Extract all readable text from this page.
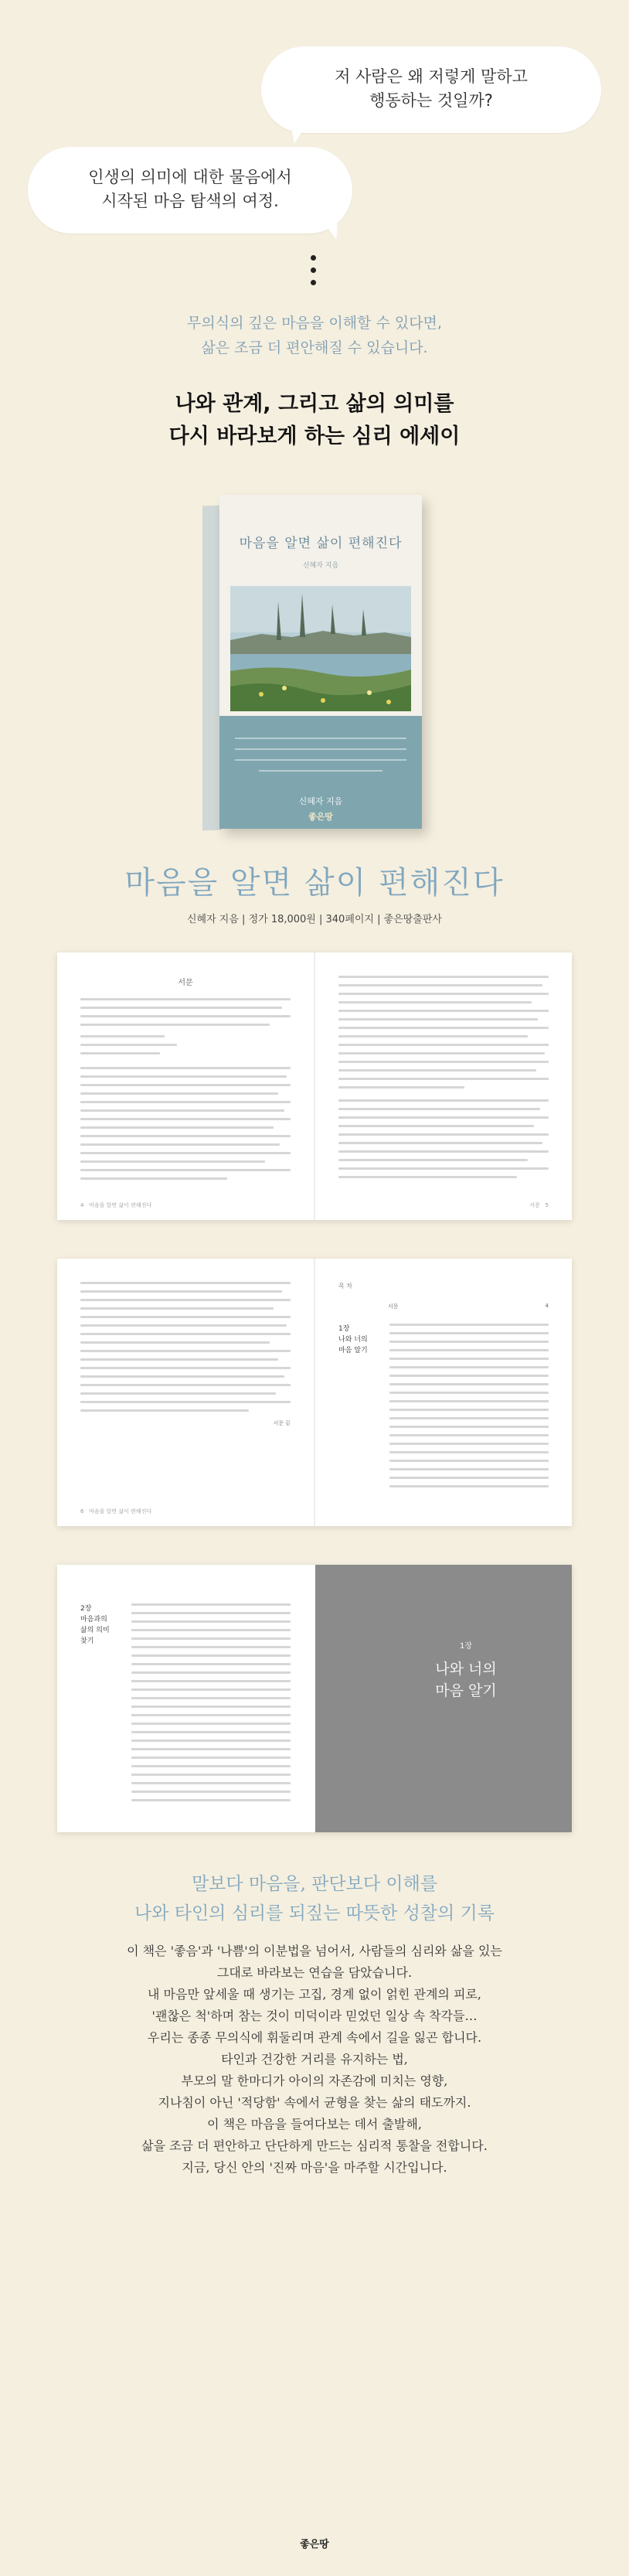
저 사람은 왜 저렇게 말하고

행동하는 것일까?

인생의 의미에 대한 물음에서

시작된 마음 탐색의 여정.

무의식의 깊은 마음을 이해할 수 있다면,
삶은 조금 더 편안해질 수 있습니다.
나와 관계, 그리고 삶의 의미를
다시 바라보게 하는 심리 에세이
마음을 알면 삶이 편해진다
신혜자 지음
신혜자 지음
좋은땅
마음을 알면 삶이 편해진다
신혜자 지음 | 정가 18,000원 | 340페이지 | 좋은땅출판사
서문
4 마음을 알면 삶이 편해진다	서문 5
서문 끝
6 마음을 알면 삶이 편해진다
목 차
서문	4
1장
나와 너의
마음 알기
2장
마음과의
삶의 의미
찾기
1장
나와 너의
마음 알기
말보다 마음을, 판단보다 이해를
나와 타인의 심리를 되짚는 따뜻한 성찰의 기록

이 책은 '좋음'과 '나쁨'의 이분법을 넘어서, 사람들의 심리와 삶을 있는

그대로 바라보는 연습을 담았습니다.

내 마음만 앞세울 때 생기는 고집, 경계 없이 얽힌 관계의 피로,

'괜찮은 척'하며 참는 것이 미덕이라 믿었던 일상 속 착각들…

우리는 종종 무의식에 휘둘리며 관계 속에서 길을 잃곤 합니다.

타인과 건강한 거리를 유지하는 법,

부모의 말 한마디가 아이의 자존감에 미치는 영향,

지나침이 아닌 '적당함' 속에서 균형을 찾는 삶의 태도까지.

이 책은 마음을 들여다보는 데서 출발해,

삶을 조금 더 편안하고 단단하게 만드는 심리적 통찰을 전합니다.

지금, 당신 안의 '진짜 마음'을 마주할 시간입니다.

좋은땅
